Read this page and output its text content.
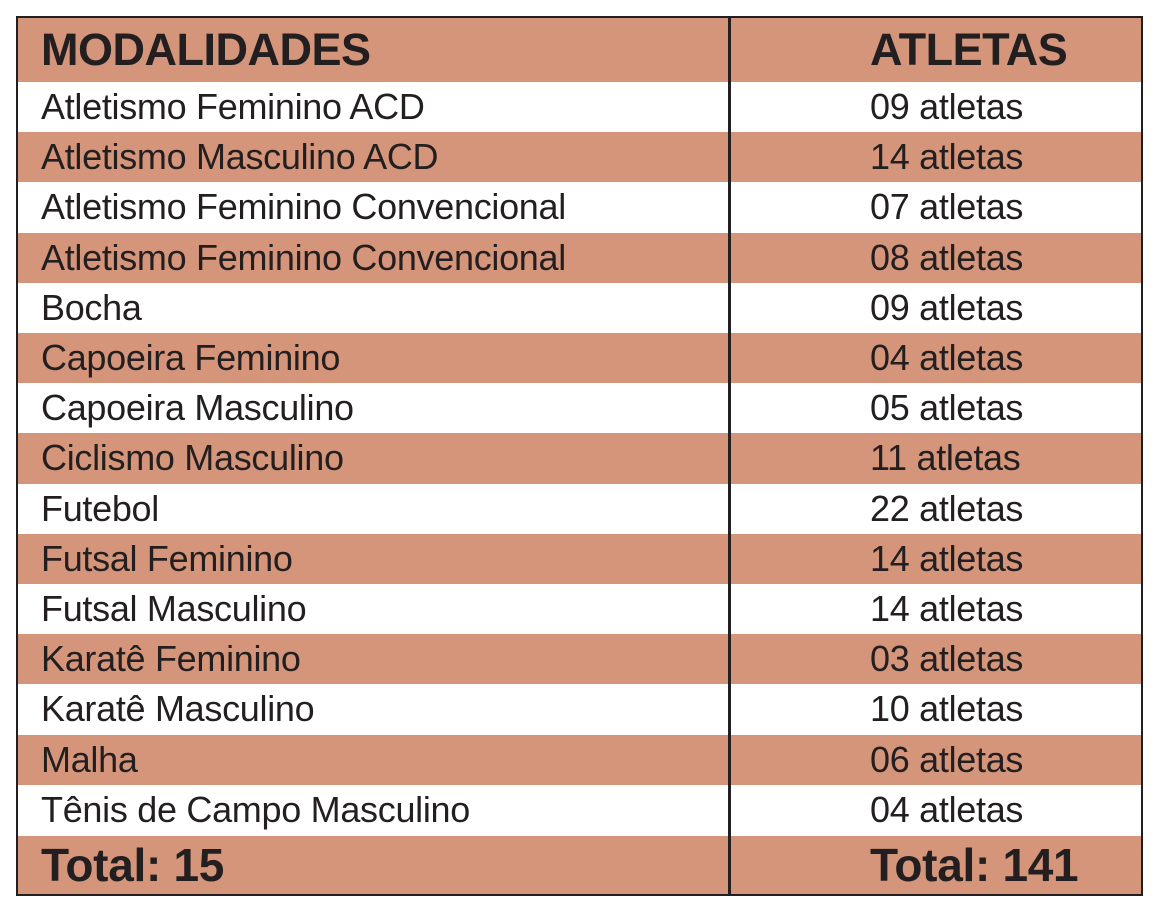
MODALIDADES	ATLETAS
Atletismo Feminino ACD	09 atletas
Atletismo Masculino ACD	14 atletas
Atletismo Feminino Convencional	07 atletas
Atletismo Feminino Convencional	08 atletas
Bocha	09 atletas
Capoeira Feminino	04 atletas
Capoeira Masculino	05 atletas
Ciclismo Masculino	11 atletas
Futebol	22 atletas
Futsal Feminino	14 atletas
Futsal Masculino	14 atletas
Karatê Feminino	03 atletas
Karatê Masculino	10 atletas
Malha	06 atletas
Tênis de Campo Masculino	04 atletas
Total: 15	Total: 141
